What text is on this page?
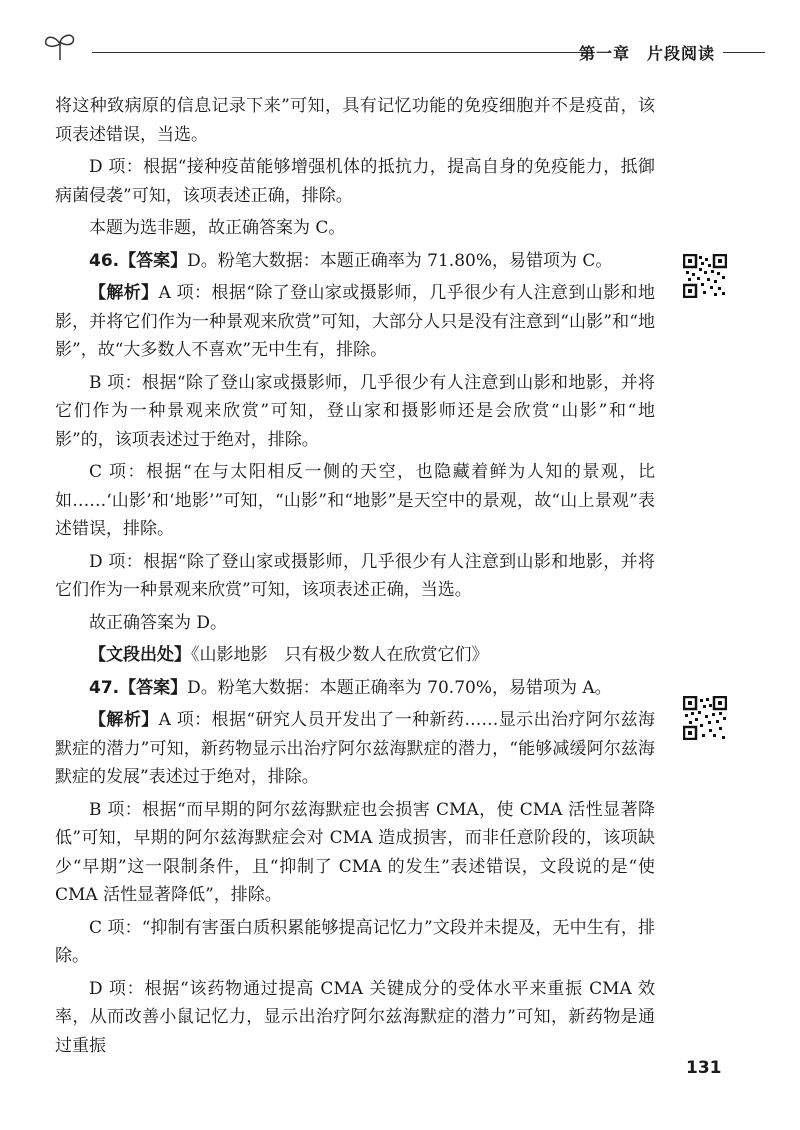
第一章　片段阅读

将这种致病原的信息记录下来”可知，具有记忆功能的免疫细胞并不是疫苗，该项表述错误，当选。

D 项：根据“接种疫苗能够增强机体的抵抗力，提高自身的免疫能力，抵御病菌侵袭”可知，该项表述正确，排除。

本题为选非题，故正确答案为 C。

46.【答案】D。粉笔大数据：本题正确率为 71.80%，易错项为 C。

【解析】A 项：根据“除了登山家或摄影师，几乎很少有人注意到山影和地影，并将它们作为一种景观来欣赏”可知，大部分人只是没有注意到“山影”和“地影”，故“大多数人不喜欢”无中生有，排除。

B 项：根据“除了登山家或摄影师，几乎很少有人注意到山影和地影，并将它们作为一种景观来欣赏”可知，登山家和摄影师还是会欣赏“山影”和“地影”的，该项表述过于绝对，排除。

C 项：根据“在与太阳相反一侧的天空，也隐藏着鲜为人知的景观，比如……‘山影’和‘地影’”可知，“山影”和“地影”是天空中的景观，故“山上景观”表述错误，排除。

D 项：根据“除了登山家或摄影师，几乎很少有人注意到山影和地影，并将它们作为一种景观来欣赏”可知，该项表述正确，当选。

故正确答案为 D。

【文段出处】《山影地影　只有极少数人在欣赏它们》

47.【答案】D。粉笔大数据：本题正确率为 70.70%，易错项为 A。

【解析】A 项：根据“研究人员开发出了一种新药……显示出治疗阿尔兹海默症的潜力”可知，新药物显示出治疗阿尔兹海默症的潜力，“能够减缓阿尔兹海默症的发展”表述过于绝对，排除。

B 项：根据“而早期的阿尔兹海默症也会损害 CMA，使 CMA 活性显著降低”可知，早期的阿尔兹海默症会对 CMA 造成损害，而非任意阶段的，该项缺少“早期”这一限制条件，且“抑制了 CMA 的发生”表述错误，文段说的是“使 CMA 活性显著降低”，排除。

C 项：“抑制有害蛋白质积累能够提高记忆力”文段并未提及，无中生有，排除。

D 项：根据“该药物通过提高 CMA 关键成分的受体水平来重振 CMA 效率，从而改善小鼠记忆力，显示出治疗阿尔兹海默症的潜力”可知，新药物是通过重振

131
